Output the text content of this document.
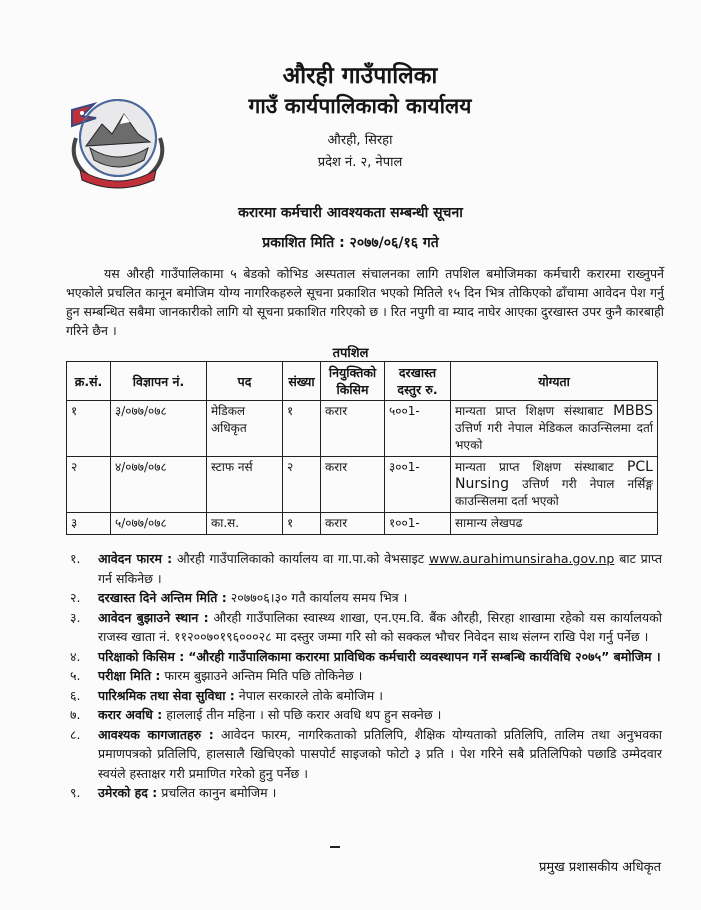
औरही गाउँपालिका
गाउँ कार्यपालिकाको कार्यालय
औरही, सिरहा
प्रदेश नं. २, नेपाल
करारमा कर्मचारी आवश्यकता सम्बन्धी सूचना
प्रकाशित मिति : २०७७/०६/१६ गते
यस औरही गाउँपालिकामा ५ बेडको कोभिड अस्पताल संचालनका लागि तपशिल बमोजिमका कर्मचारी करारमा राख्नुपर्ने भएकोले प्रचलित कानून बमोजिम योग्य नागरिकहरुले सूचना प्रकाशित भएको मितिले १५ दिन भित्र तोकिएको ढाँचामा आवेदन पेश गर्नु हुन सम्बन्धित सबैमा जानकारीको लागि यो सूचना प्रकाशित गरिएको छ । रित नपुगी वा म्याद नाघेर आएका दुरखास्त उपर कुनै कारबाही गरिने छैन ।
तपशिल
क्र.सं.	विज्ञापन नं.	पद	संख्या	नियुक्तिको किसिम	दरखास्त दस्तुर रु.	योग्यता
१	३/०७७/०७८	मेडिकल अधिकृत	१	करार	५००1-	मान्यता प्राप्त शिक्षण संस्थाबाट MBBS उत्तिर्ण गरी नेपाल मेडिकल काउन्सिलमा दर्ता भएको
२	४/०७७/०७८	स्टाफ नर्स	२	करार	३००1-	मान्यता प्राप्त शिक्षण संस्थाबाट PCL Nursing उत्तिर्ण गरी नेपाल नर्सिङ्ग काउन्सिलमा दर्ता भएको
३	५/०७७/०७८	का.स.	१	करार	१००1-	सामान्य लेखपढ
१.	आवेदन फारम : औरही गाउँपालिकाको कार्यालय वा गा.पा.को वेभसाइट www.aurahimunsiraha.gov.np बाट प्राप्त गर्न सकिनेछ ।
२.	दरखास्त दिने अन्तिम मिति : २०७७०६।३० गतै कार्यालय समय भित्र ।
३.	आवेदन बुझाउने स्थान : औरही गाउँपालिका स्वास्थ्य शाखा, एन.एम.वि. बैंक औरही, सिरहा शाखामा रहेको यस कार्यालयको राजस्व खाता नं. ११२००७०१९६०००२८ मा दस्तुर जम्मा गरि सो को सक्कल भौचर निवेदन साथ संलग्न राखि पेश गर्नु पर्नेछ ।
४.	परिक्षाको किसिम : “औरही गाउँपालिकामा करारमा प्राविधिक कर्मचारी व्यवस्थापन गर्ने सम्बन्धि कार्यविधि २०७५” बमोजिम ।
५.	परीक्षा मिति : फारम बुझाउने अन्तिम मिति पछि तोकिनेछ ।
६.	पारिश्रमिक तथा सेवा सुविधा : नेपाल सरकारले तोके बमोजिम ।
७.	करार अवधि : हाललाई तीन महिना । सो पछि करार अवधि थप हुन सक्नेछ ।
८.	आवश्यक कागजातहरु : आवेदन फारम, नागरिकताको प्रतिलिपि, शैक्षिक योग्यताको प्रतिलिपि, तालिम तथा अनुभवका प्रमाणपत्रको प्रतिलिपि, हालसालै खिचिएको पासपोर्ट साइजको फोटो ३ प्रति । पेश गरिने सबै प्रतिलिपिको पछाडि उम्मेदवार स्वयंले हस्ताक्षर गरी प्रमाणित गरेको हुनु पर्नेछ ।
९.	उमेरको हद : प्रचलित कानुन बमोजिम ।
प्रमुख प्रशासकीय अधिकृत
